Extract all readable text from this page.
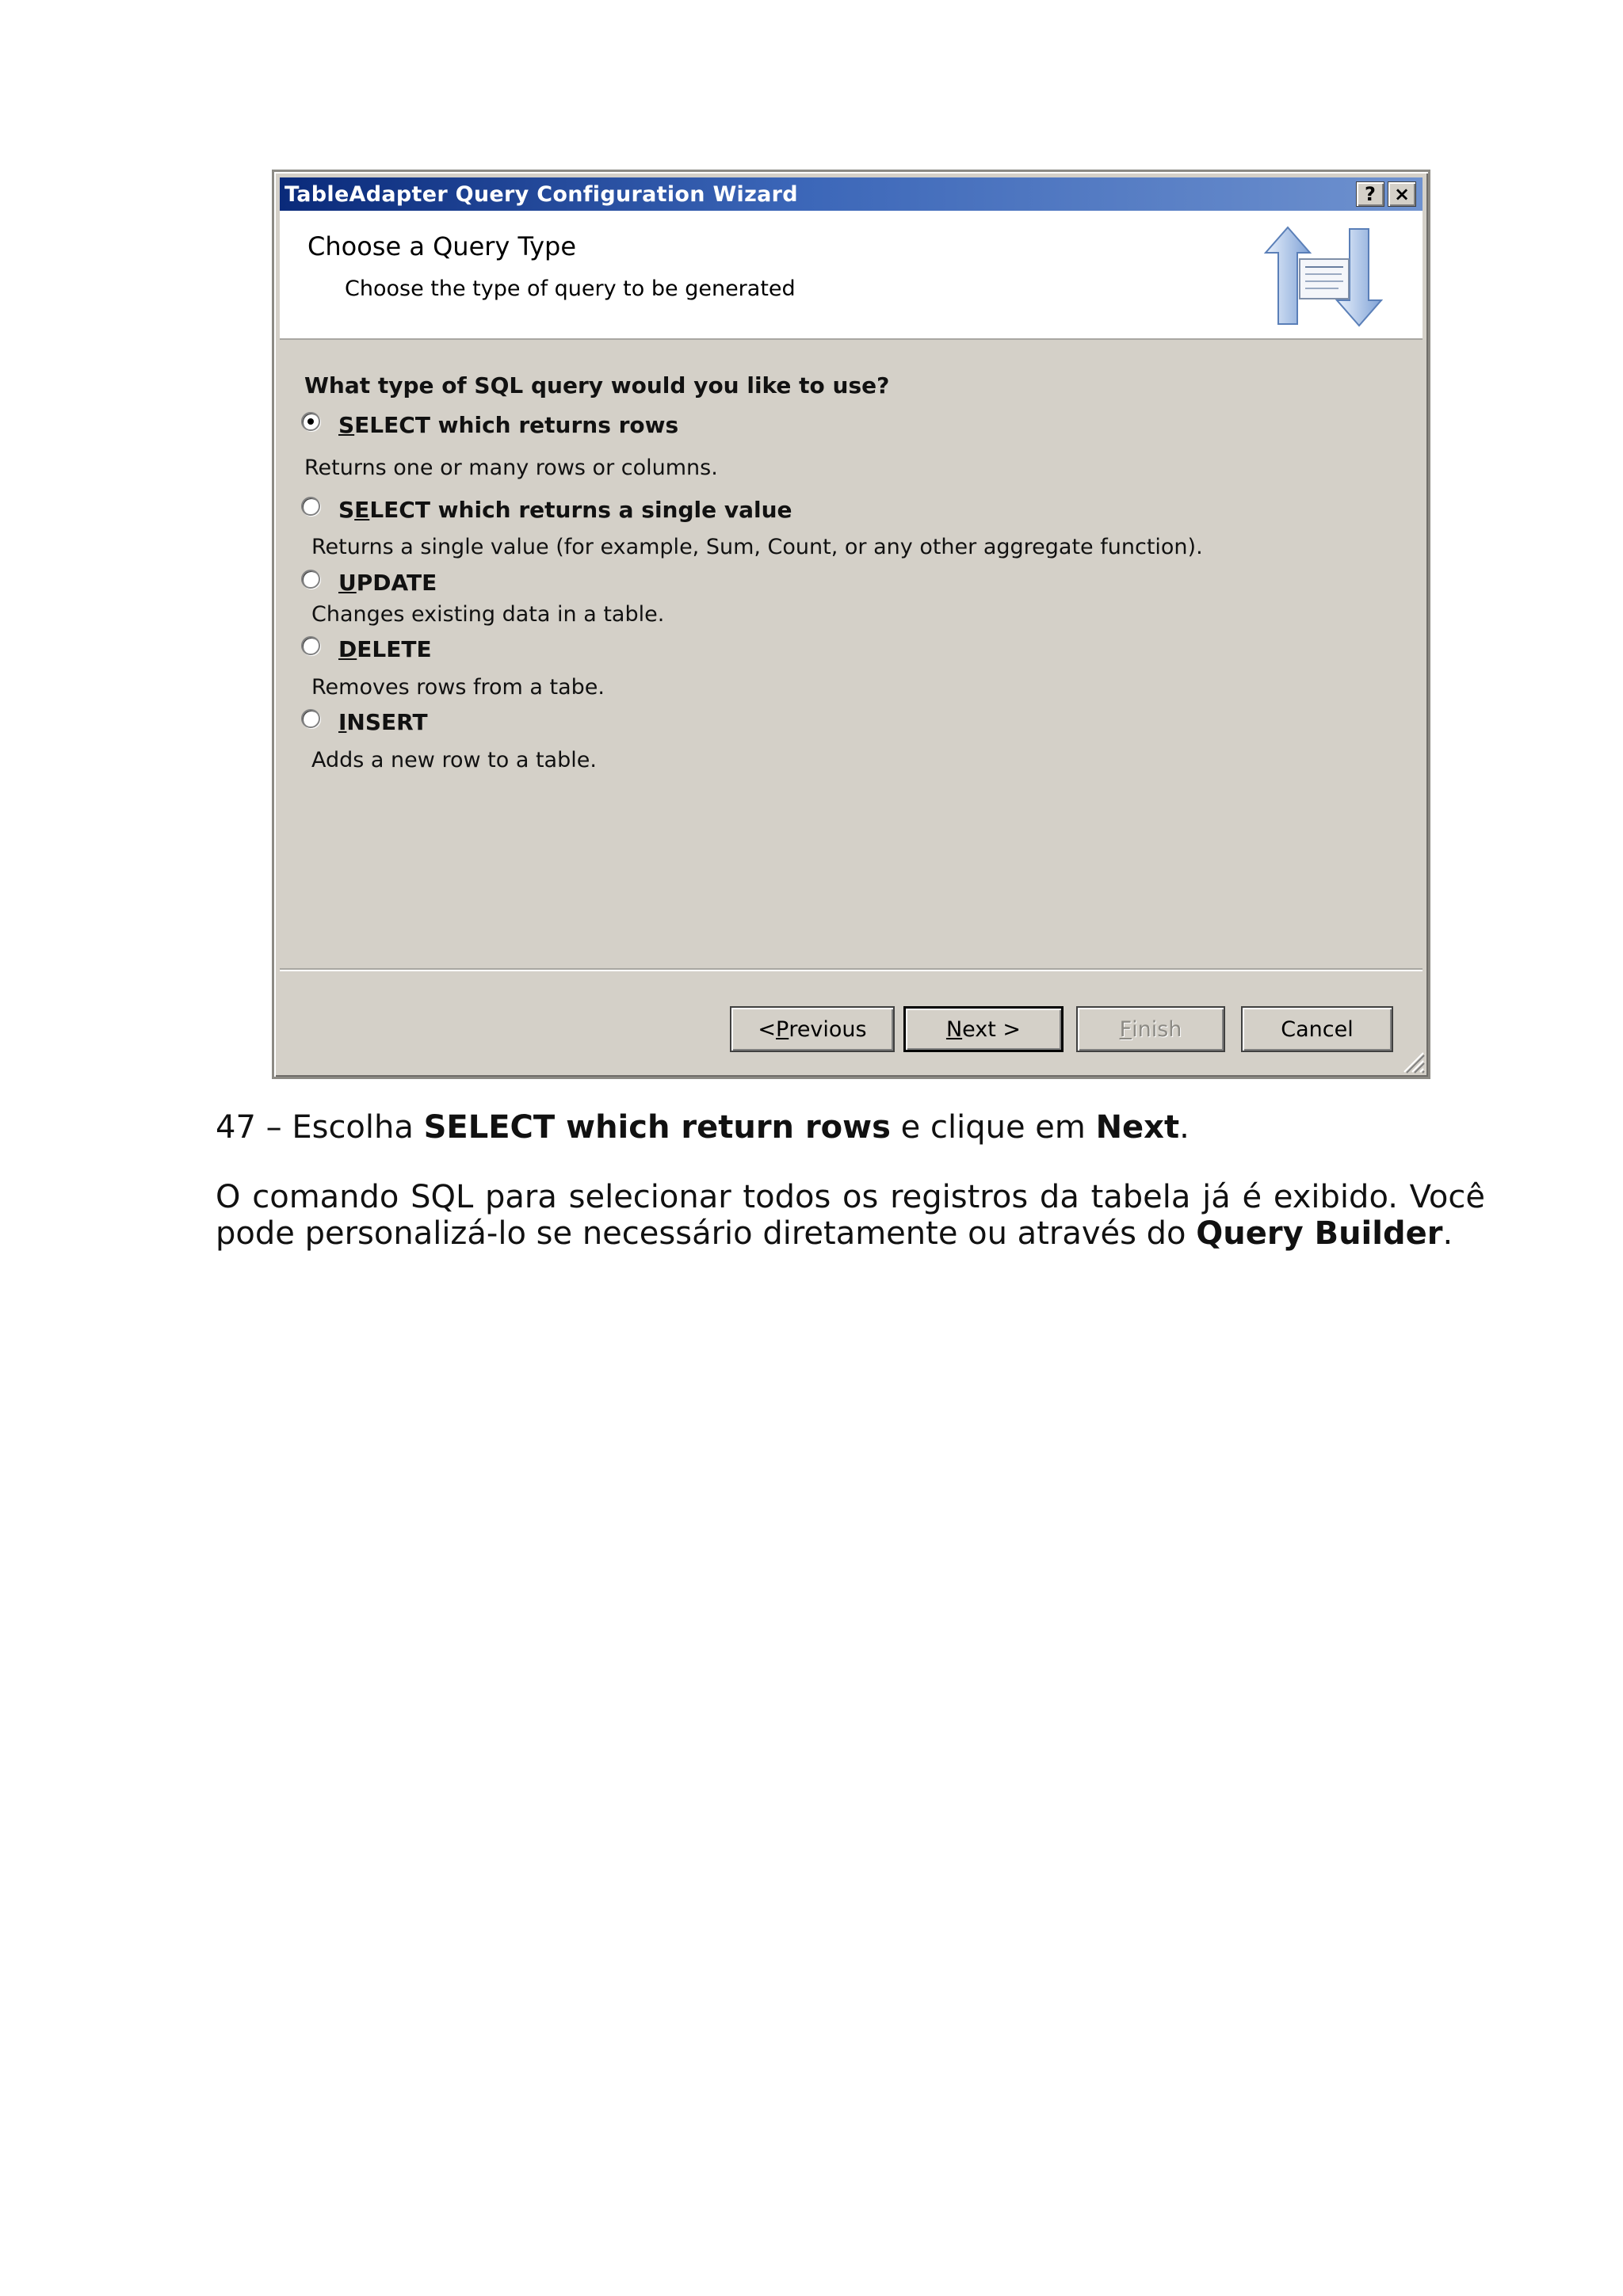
TableAdapter Query Configuration Wizard	? ×
Choose a Query Type
Choose the type of query to be generated
What type of SQL query would you like to use?
SELECT which returns rows
Returns one or many rows or columns.
SELECT which returns a single value
Returns a single value (for example, Sum, Count, or any other aggregate function).
UPDATE
Changes existing data in a table.
DELETE
Removes rows from a tabe.
INSERT
Adds a new row to a table.
< P revious	N ext >	F inish	Cancel
47 – Escolha SELECT which return rows e clique em Next.
O comando SQL para selecionar todos os registros da tabela já é exibido. Você pode personalizá-lo se necessário diretamente ou através do Query Builder.
